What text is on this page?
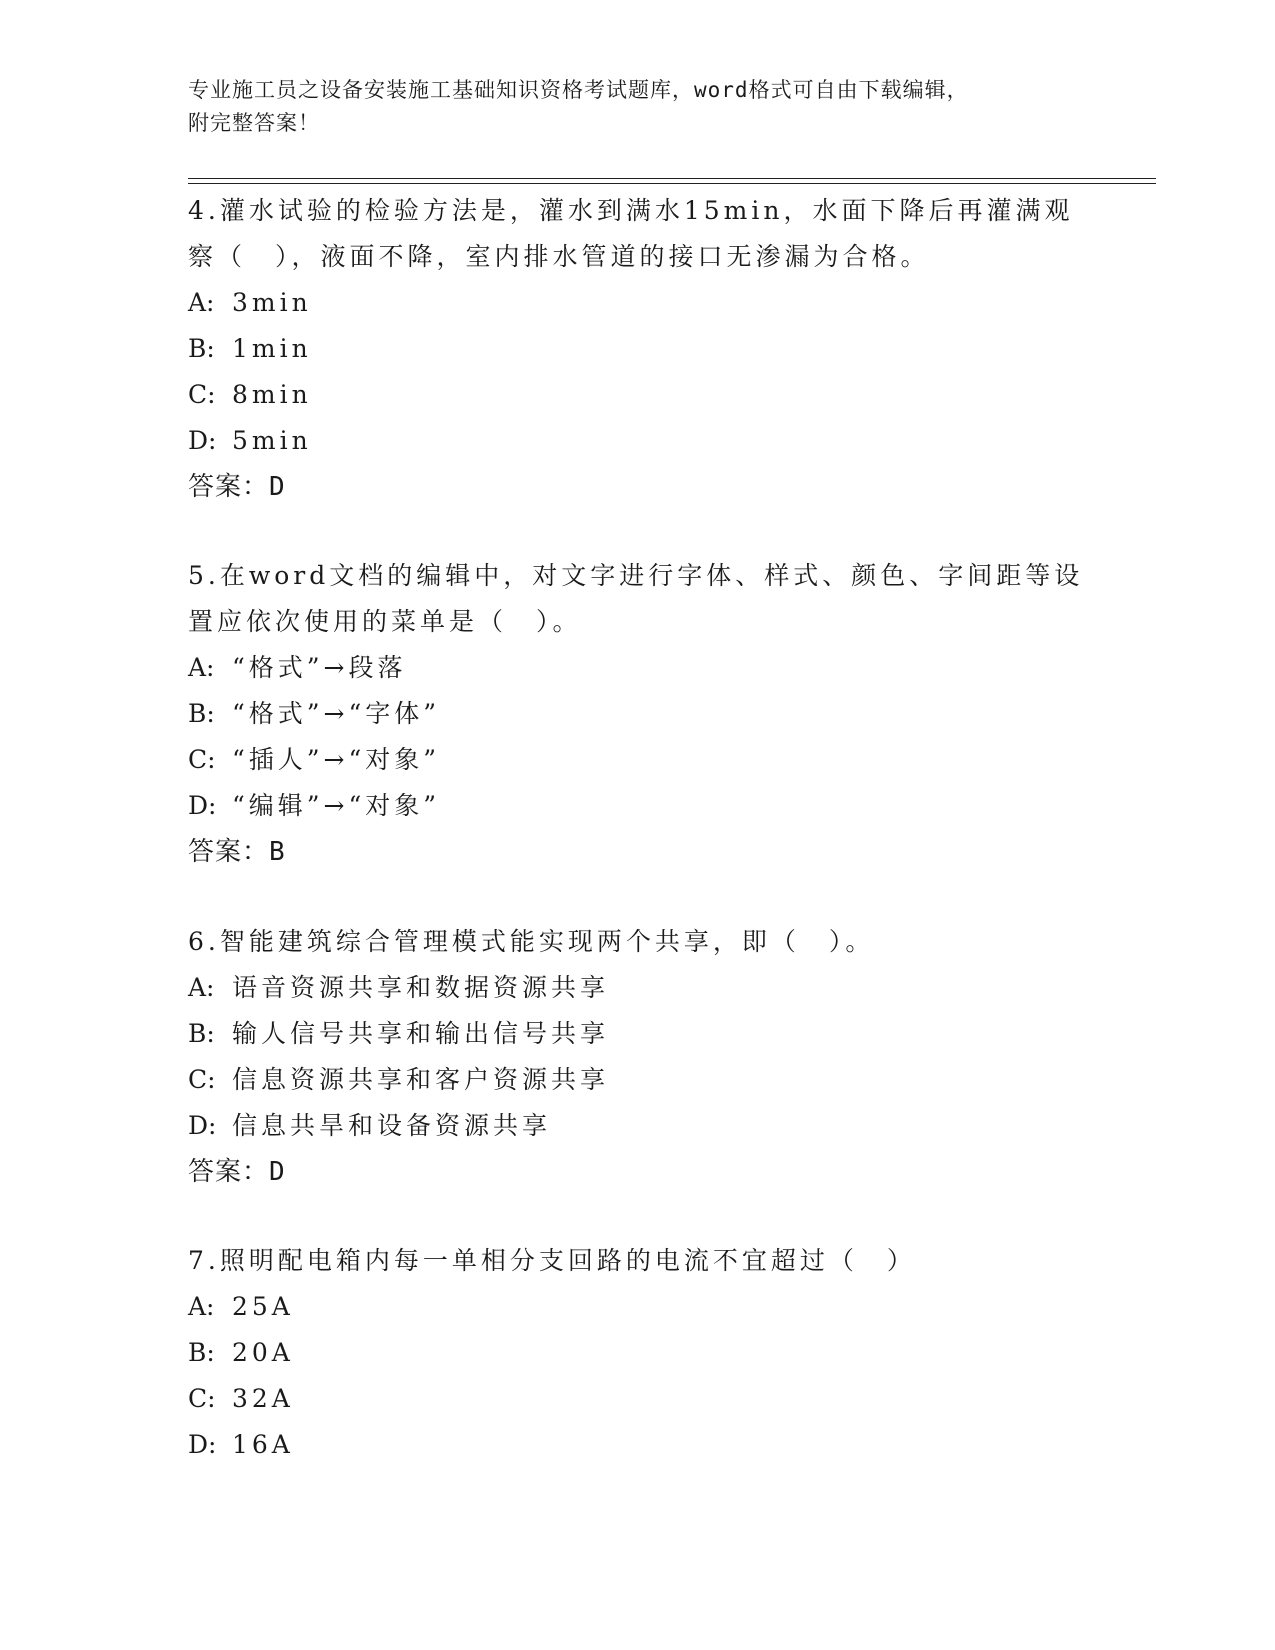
专业施工员之设备安装施工基础知识资格考试题库，word格式可自由下载编辑，
附完整答案！
4.灌水试验的检验方法是，灌水到满水15min，水面下降后再灌满观察（　），液面不降，室内排水管道的接口无渗漏为合格。
A: 3min
B: 1min
C: 8min
D: 5min
答案：D
5.在word文档的编辑中，对文字进行字体、样式、颜色、字间距等设置应依次使用的菜单是（　）。
A: “格式”→段落
B: “格式”→“字体”
C: “插人”→“对象”
D: “编辑”→“对象”
答案：B
6.智能建筑综合管理模式能实现两个共享，即（　）。
A: 语音资源共享和数据资源共享
B: 输人信号共享和输出信号共享
C: 信息资源共享和客户资源共享
D: 信息共旱和设备资源共享
答案：D
7.照明配电箱内每一单相分支回路的电流不宜超过（　）
A: 25A
B: 20A
C: 32A
D: 16A
